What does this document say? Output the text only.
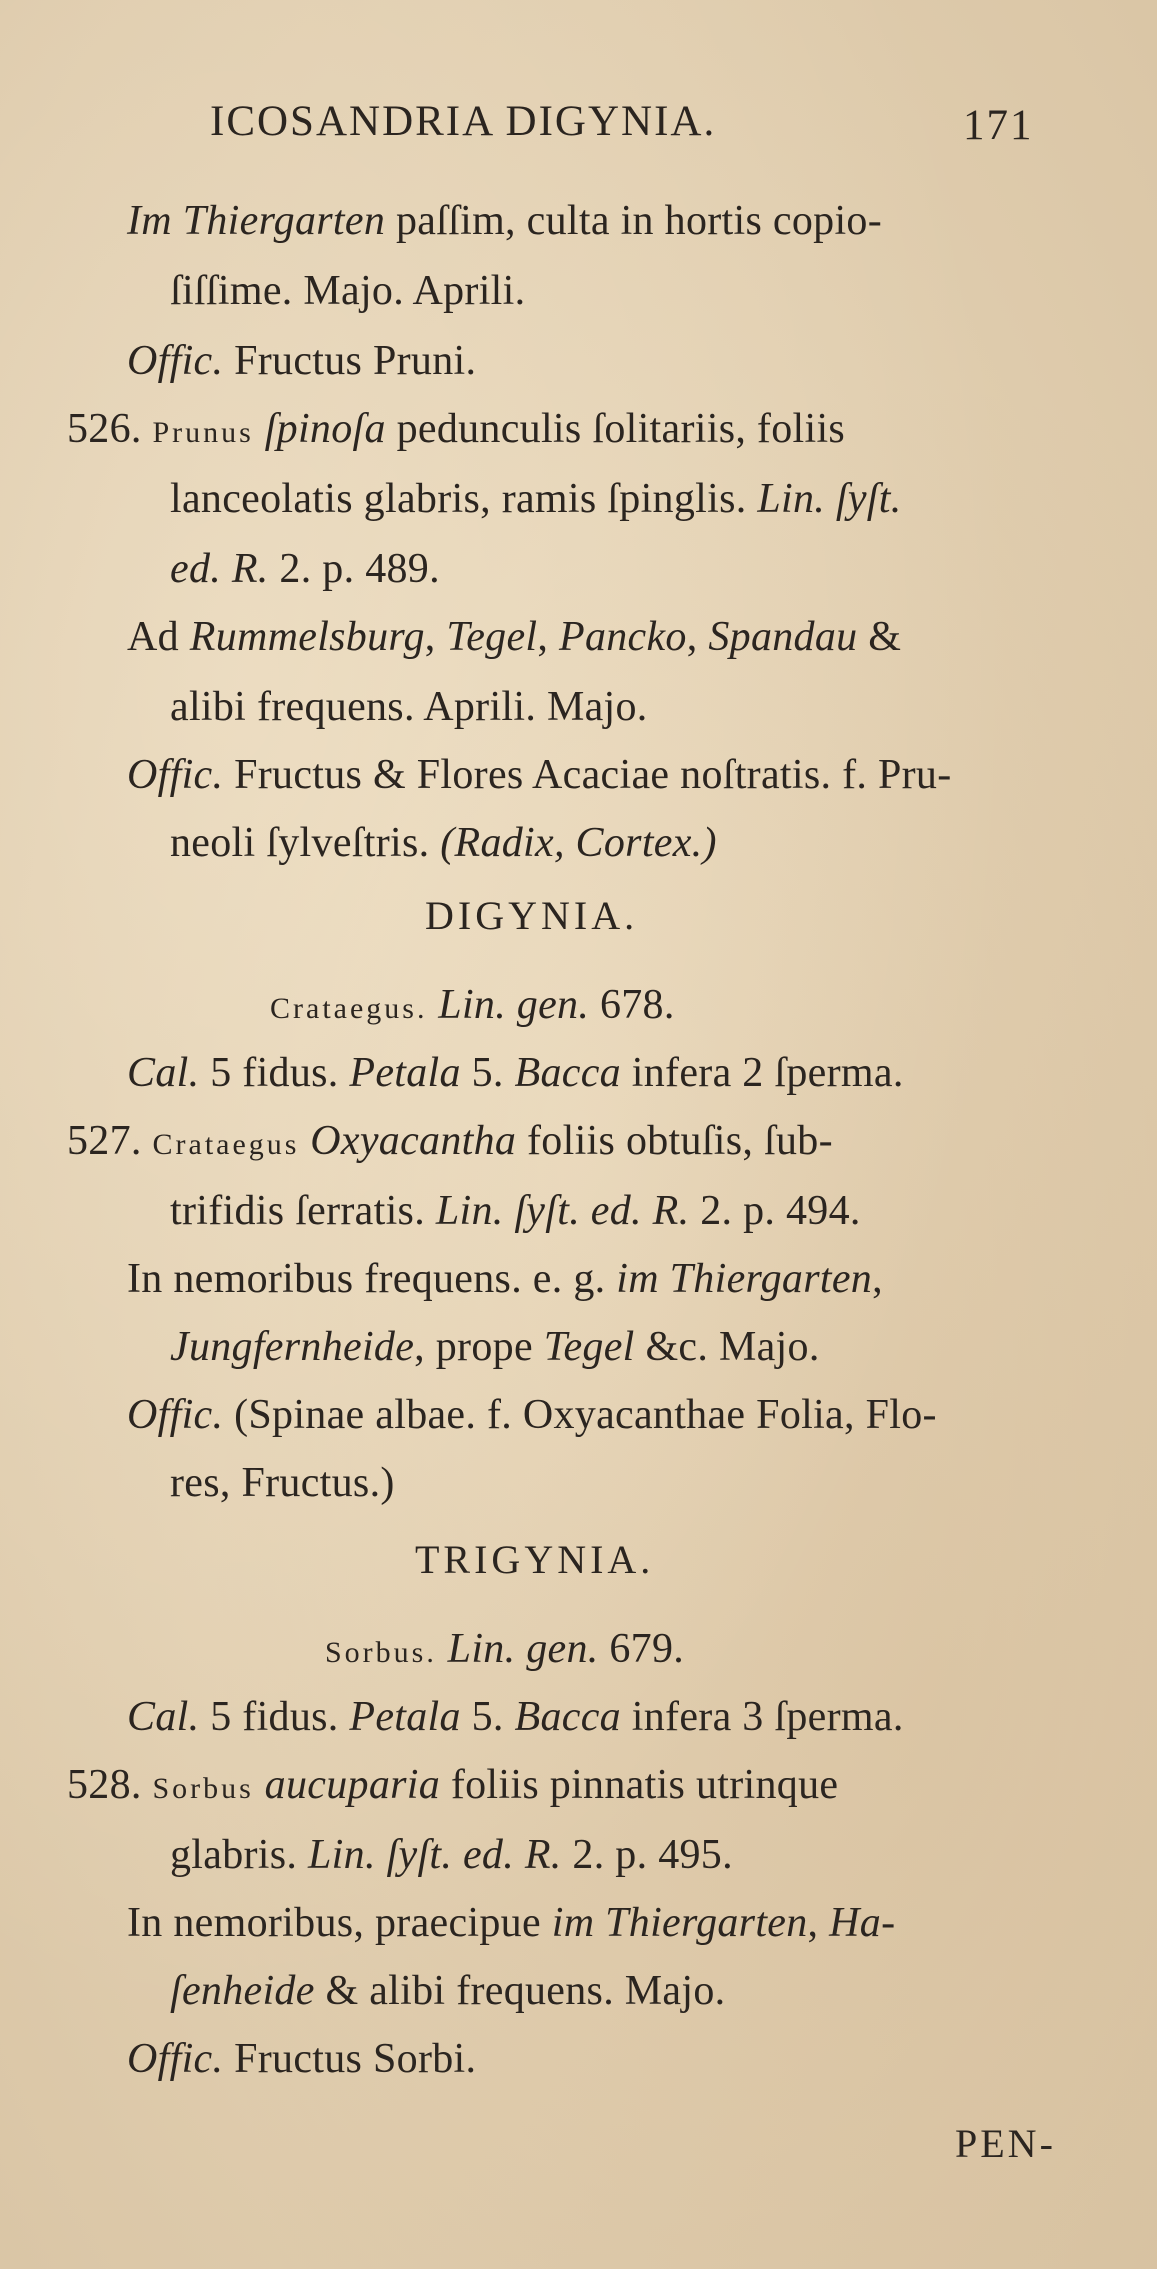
ICOSANDRIA DIGYNIA.	171
Im Thiergarten paſſim, culta in hortis copio-
ſiſſime. Majo. Aprili.
Offic. Fructus Pruni.
526. Prunus ſpinoſa pedunculis ſolitariis, foliis
lanceolatis glabris, ramis ſpinglis. Lin. ſyſt.
ed. R. 2. p. 489.
Ad Rummelsburg, Tegel, Pancko, Spandau &
alibi frequens. Aprili. Majo.
Offic. Fructus & Flores Acaciae noſtratis. f. Pru-
neoli ſylveſtris. (Radix, Cortex.)
DIGYNIA.
Crataegus. Lin. gen. 678.
Cal. 5 fidus. Petala 5. Bacca infera 2 ſperma.
527. Crataegus Oxyacantha foliis obtuſis, ſub-
trifidis ſerratis. Lin. ſyſt. ed. R. 2. p. 494.
In nemoribus frequens. e. g. im Thiergarten,
Jungfernheide, prope Tegel &c. Majo.
Offic. (Spinae albae. f. Oxyacanthae Folia, Flo-
res, Fructus.)
TRIGYNIA.
Sorbus. Lin. gen. 679.
Cal. 5 fidus. Petala 5. Bacca infera 3 ſperma.
528. Sorbus aucuparia foliis pinnatis utrinque
glabris. Lin. ſyſt. ed. R. 2. p. 495.
In nemoribus, praecipue im Thiergarten, Ha-
ſenheide & alibi frequens. Majo.
Offic. Fructus Sorbi.
PEN-
